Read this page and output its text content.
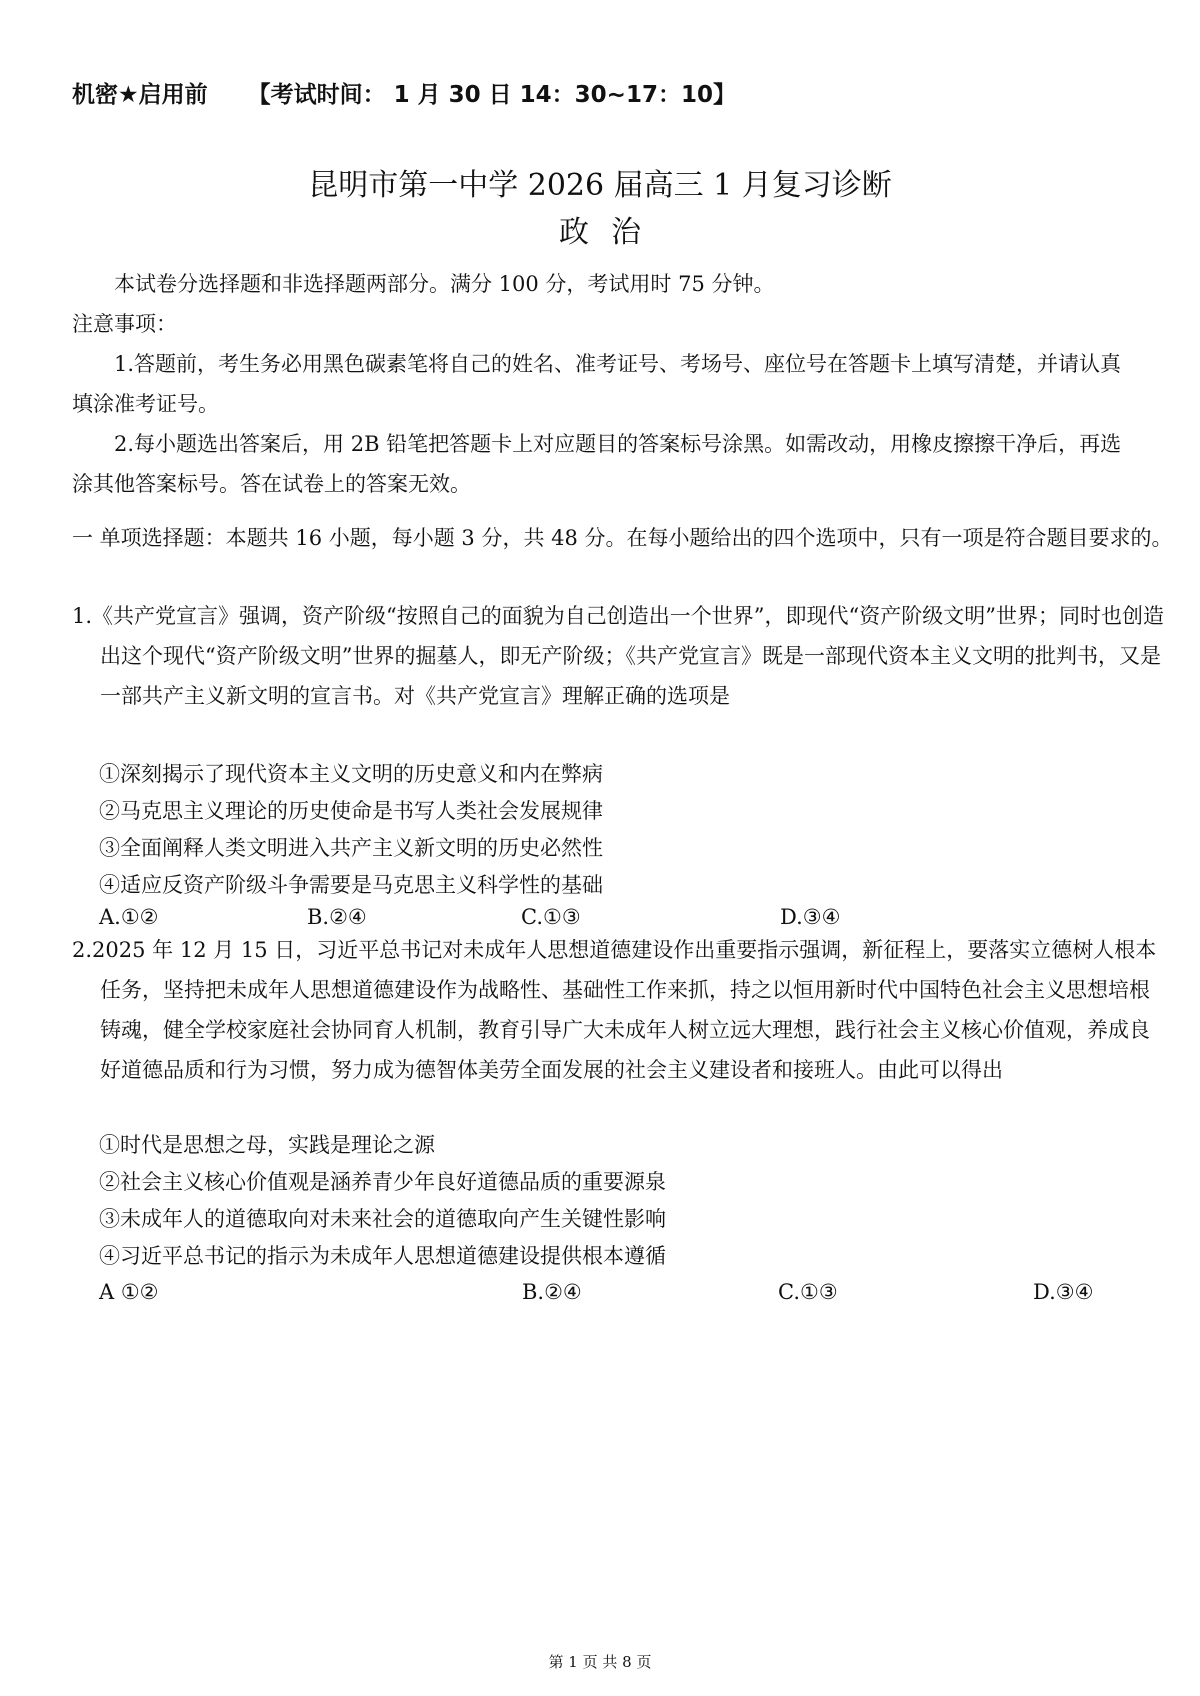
机密★启用前 【考试时间： 1 月 30 日 14：30~17：10】
昆明市第一中学 2026 届高三 1 月复习诊断
政治
本试卷分选择题和非选择题两部分。满分 100 分，考试用时 75 分钟。
注意事项：
1.答题前，考生务必用黑色碳素笔将自己的姓名、准考证号、考场号、座位号在答题卡上填写清楚，并请认真填涂准考证号。
2.每小题选出答案后，用 2B 铅笔把答题卡上对应题目的答案标号涂黑。如需改动，用橡皮擦擦干净后，再选涂其他答案标号。答在试卷上的答案无效。
一 单项选择题：本题共 16 小题，每小题 3 分，共 48 分。在每小题给出的四个选项中，只有一项是符合题目要求的。
1.《共产党宣言》强调，资产阶级“按照自己的面貌为自己创造出一个世界”，即现代“资产阶级文明”世界；同时也创造出这个现代“资产阶级文明”世界的掘墓人，即无产阶级；《共产党宣言》既是一部现代资本主义文明的批判书，又是一部共产主义新文明的宣言书。对《共产党宣言》理解正确的选项是
①深刻揭示了现代资本主义文明的历史意义和内在弊病
②马克思主义理论的历史使命是书写人类社会发展规律
③全面阐释人类文明进入共产主义新文明的历史必然性
④适应反资产阶级斗争需要是马克思主义科学性的基础
A.①②	B.②④	C.①③	D.③④
2.2025 年 12 月 15 日，习近平总书记对未成年人思想道德建设作出重要指示强调，新征程上，要落实立德树人根本任务，坚持把未成年人思想道德建设作为战略性、基础性工作来抓，持之以恒用新时代中国特色社会主义思想培根铸魂，健全学校家庭社会协同育人机制，教育引导广大未成年人树立远大理想，践行社会主义核心价值观，养成良好道德品质和行为习惯，努力成为德智体美劳全面发展的社会主义建设者和接班人。由此可以得出
①时代是思想之母，实践是理论之源
②社会主义核心价值观是涵养青少年良好道德品质的重要源泉
③未成年人的道德取向对未来社会的道德取向产生关键性影响
④习近平总书记的指示为未成年人思想道德建设提供根本遵循
A ①②	B.②④	C.①③	D.③④
第 1 页 共 8 页
